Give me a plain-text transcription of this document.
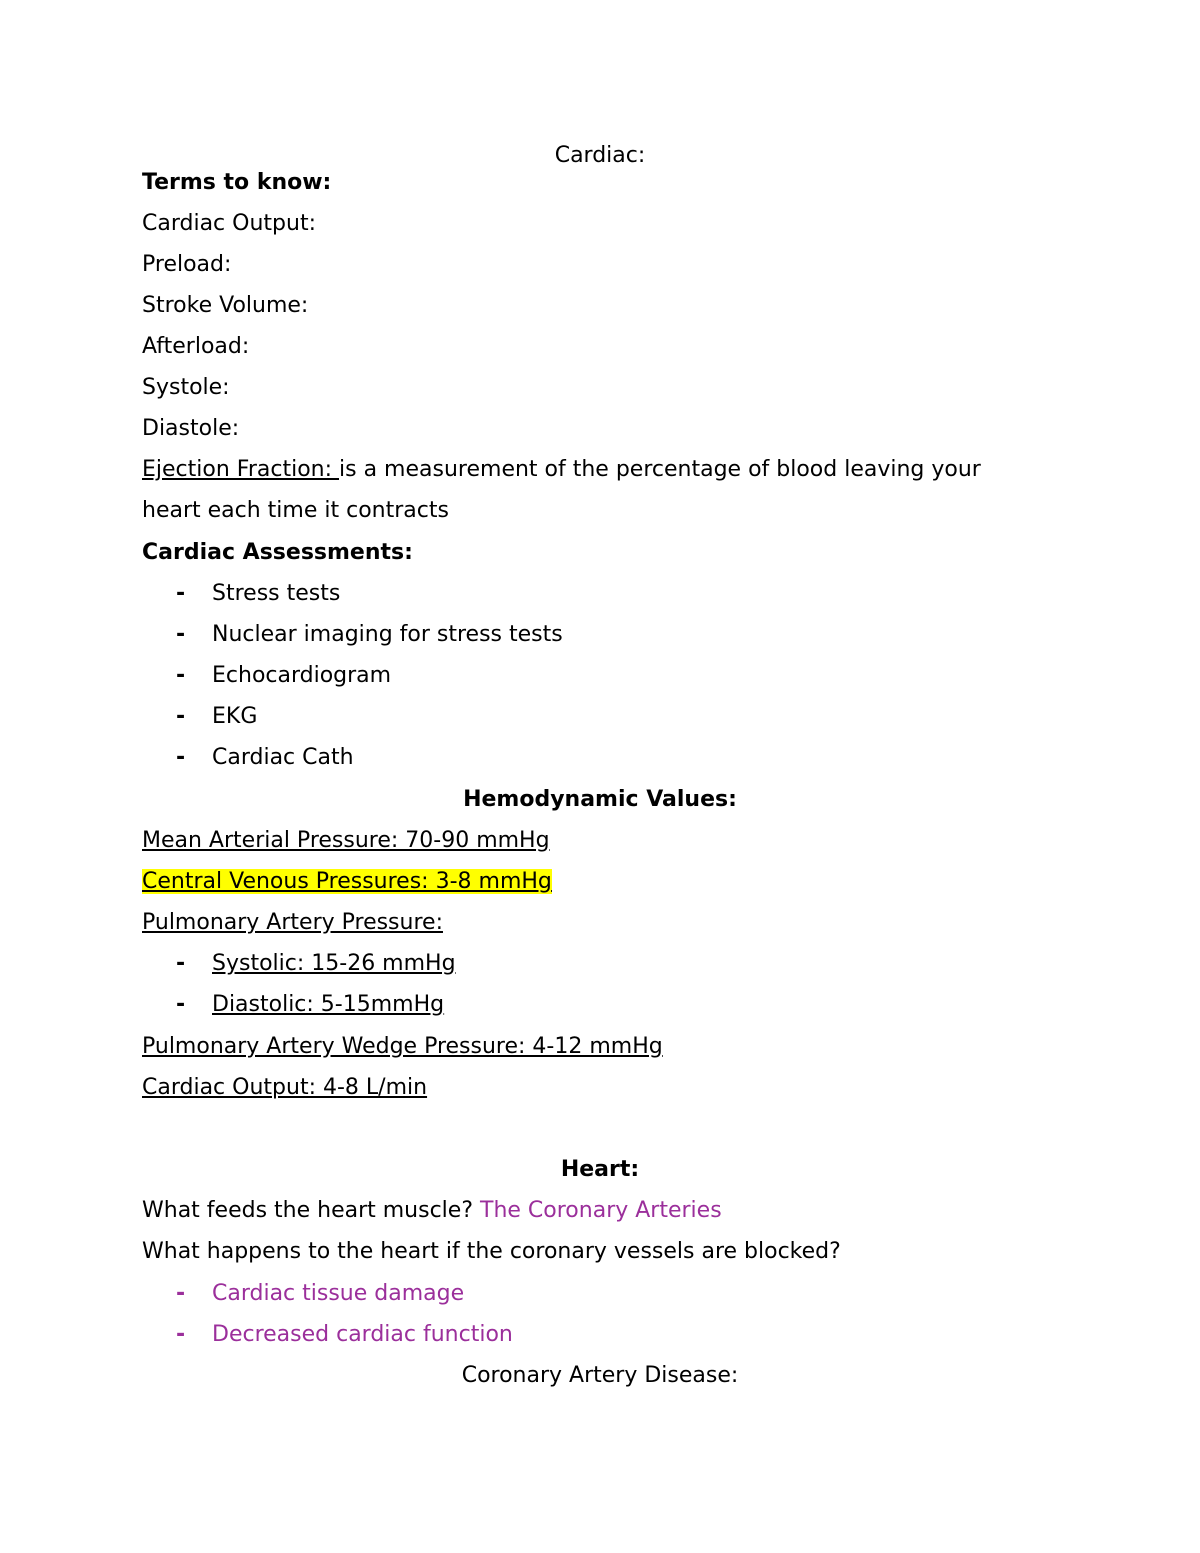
Cardiac:
Terms to know:
Cardiac Output:
Preload:
Stroke Volume:
Afterload:
Systole:
Diastole:
Ejection Fraction: is a measurement of the percentage of blood leaving your
heart each time it contracts
Cardiac Assessments:
- Stress tests
- Nuclear imaging for stress tests
- Echocardiogram
- EKG
- Cardiac Cath
Hemodynamic Values:
Mean Arterial Pressure: 70-90 mmHg
Central Venous Pressures: 3-8 mmHg
Pulmonary Artery Pressure:
- Systolic: 15-26 mmHg
- Diastolic: 5-15mmHg
Pulmonary Artery Wedge Pressure: 4-12 mmHg
Cardiac Output: 4-8 L/min
Heart:
What feeds the heart muscle? The Coronary Arteries
What happens to the heart if the coronary vessels are blocked?
- Cardiac tissue damage
- Decreased cardiac function
Coronary Artery Disease:
